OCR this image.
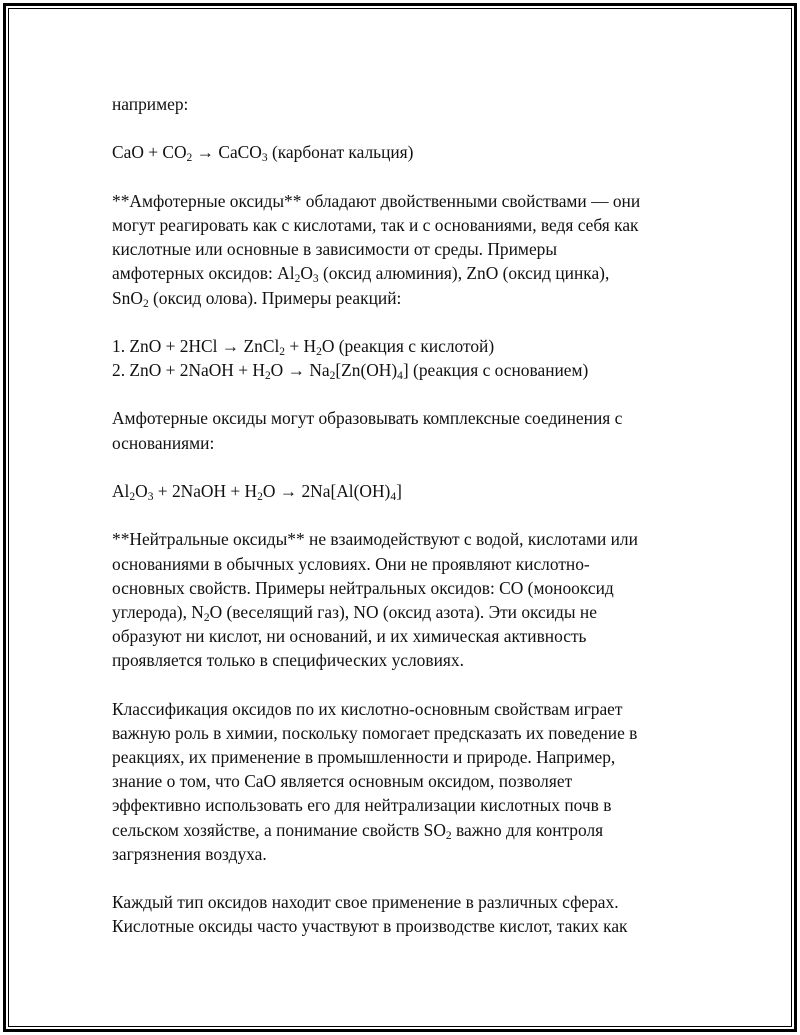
например:
CaO + $CO_2$ → CaCO$_3$ (карбонат кальция)
**Амфотерные оксиды** обладают двойственными свойствами — они
могут реагировать как с кислотами, так и с основаниями, ведя себя как
кислотные или основные в зависимости от среды. Примеры
амфотерных оксидов: $Al_2O_3$ (оксид алюминия), ZnO (оксид цинка),
SnO$_2$ (оксид олова). Примеры реакций:
1. ZnO + 2HCl → ZnCl$_2$ + $H_2O$ (реакция с кислотой)
2. ZnO + 2NaOH + $H_2O \to Na_2[Zn(OH)_4]$ (реакция с основанием)
Амфотерные оксиды могут образовывать комплексные соединения с
основаниями:
$Al_2O_3$ + 2NaOH + $H_2O \to 2Na[Al(OH)_4]$
**Нейтральные оксиды** не взаимодействуют с водой, кислотами или
основаниями в обычных условиях. Они не проявляют кислотно-
основных свойств. Примеры нейтральных оксидов: CO (монооксид
углерода), $N_2O$ (веселящий газ), NO (оксид азота). Эти оксиды не
образуют ни кислот, ни оснований, и их химическая активность
проявляется только в специфических условиях.
Классификация оксидов по их кислотно-основным свойствам играет
важную роль в химии, поскольку помогает предсказать их поведение в
реакциях, их применение в промышленности и природе. Например,
знание о том, что CaO является основным оксидом, позволяет
эффективно использовать его для нейтрализации кислотных почв в
сельском хозяйстве, а понимание свойств $SO_2$ важно для контроля
загрязнения воздуха.
Каждый тип оксидов находит свое применение в различных сферах.
Кислотные оксиды часто участвуют в производстве кислот, таких как
